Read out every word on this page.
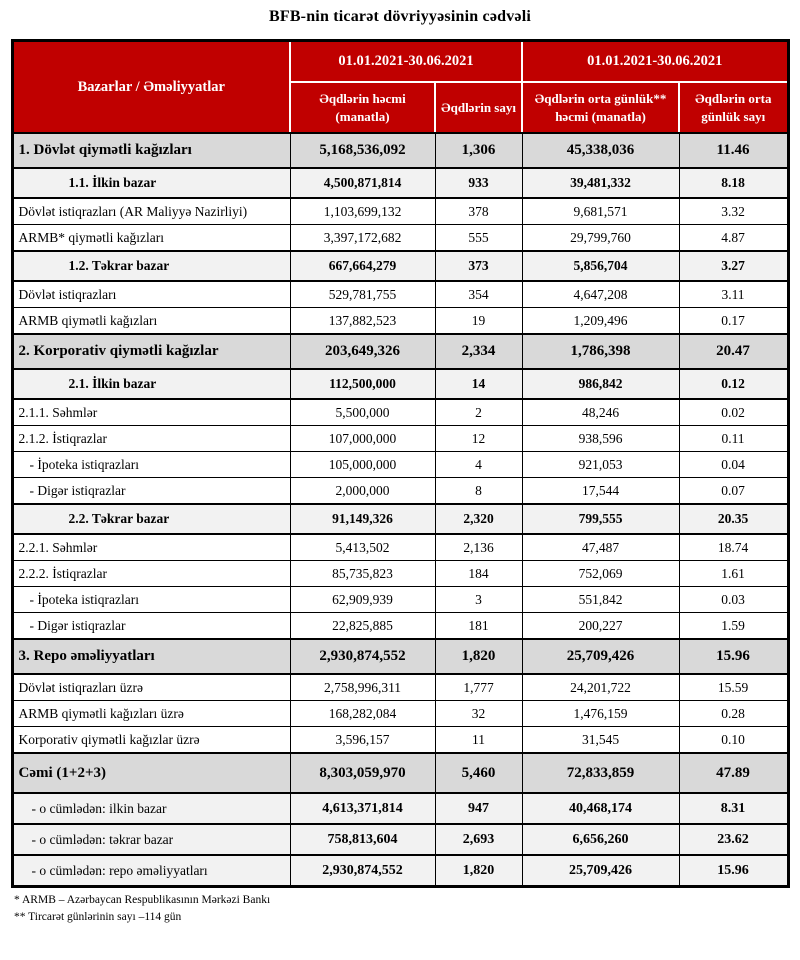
BFB-nin ticarət dövriyyəsinin cədvəli
Bazarlar / Əməliyyatlar	01.01.2021-30.06.2021		01.01.2021-30.06.2021	
	Əqdlərin həcmi (manatla)	Əqdlərin sayı	Əqdlərin orta günlük** həcmi (manatla)	Əqdlərin orta günlük sayı
1. Dövlət qiymətli kağızları	5,168,536,092	1,306	45,338,036	11.46
1.1. İlkin bazar	4,500,871,814	933	39,481,332	8.18
Dövlət istiqrazları (AR Maliyyə Nazirliyi)	1,103,699,132	378	9,681,571	3.32
ARMB* qiymətli kağızları	3,397,172,682	555	29,799,760	4.87
1.2. Təkrar bazar	667,664,279	373	5,856,704	3.27
Dövlət istiqrazları	529,781,755	354	4,647,208	3.11
ARMB qiymətli kağızları	137,882,523	19	1,209,496	0.17
2. Korporativ qiymətli kağızlar	203,649,326	2,334	1,786,398	20.47
2.1. İlkin bazar	112,500,000	14	986,842	0.12
2.1.1. Səhmlər	5,500,000	2	48,246	0.02
2.1.2. İstiqrazlar	107,000,000	12	938,596	0.11
- İpoteka istiqrazları	105,000,000	4	921,053	0.04
- Digər istiqrazlar	2,000,000	8	17,544	0.07
2.2. Təkrar bazar	91,149,326	2,320	799,555	20.35
2.2.1. Səhmlər	5,413,502	2,136	47,487	18.74
2.2.2. İstiqrazlar	85,735,823	184	752,069	1.61
- İpoteka istiqrazları	62,909,939	3	551,842	0.03
- Digər istiqrazlar	22,825,885	181	200,227	1.59
3. Repo əməliyyatları	2,930,874,552	1,820	25,709,426	15.96
Dövlət istiqrazları üzrə	2,758,996,311	1,777	24,201,722	15.59
ARMB qiymətli kağızları üzrə	168,282,084	32	1,476,159	0.28
Korporativ qiymətli kağızlar üzrə	3,596,157	11	31,545	0.10
Cəmi (1+2+3)	8,303,059,970	5,460	72,833,859	47.89
- o cümlədən: ilkin bazar	4,613,371,814	947	40,468,174	8.31
- o cümlədən: təkrar bazar	758,813,604	2,693	6,656,260	23.62
- o cümlədən: repo əməliyyatları	2,930,874,552	1,820	25,709,426	15.96
* ARMB – Azərbaycan Respublikasının Mərkəzi Bankı
** Tircarət günlərinin sayı –114 gün
